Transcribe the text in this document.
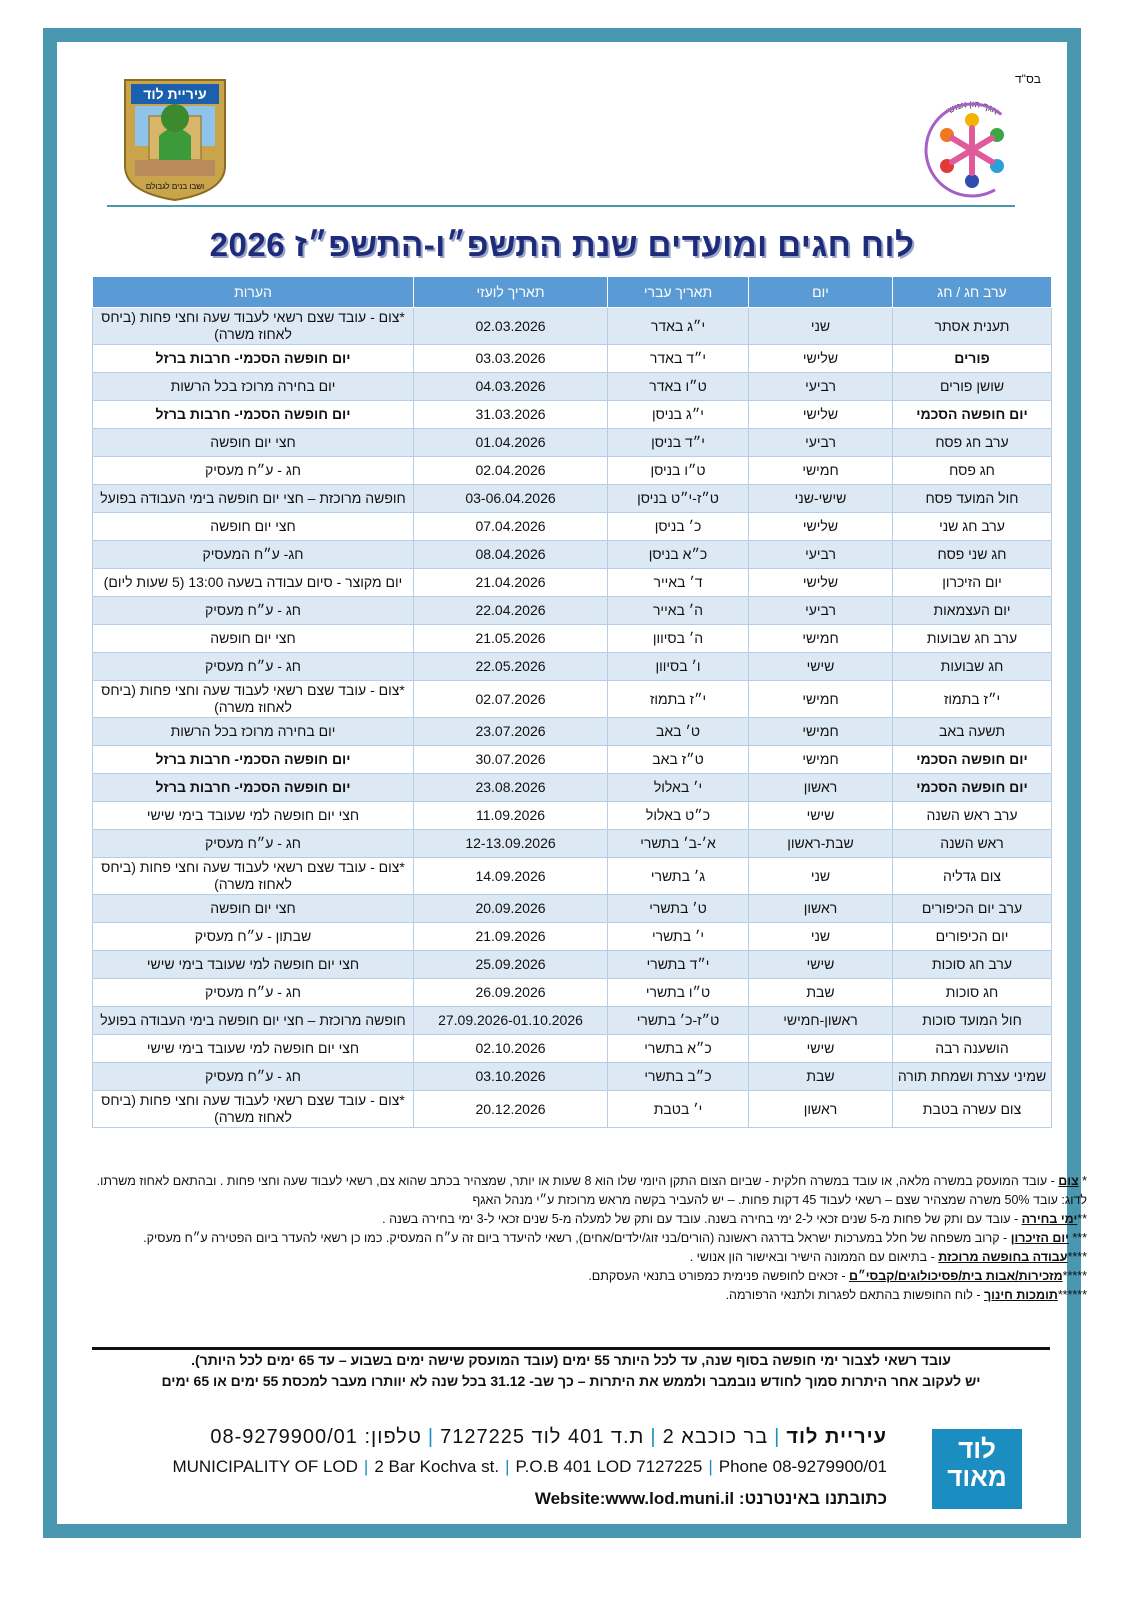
בס"ד
עיריית לוד
ושבו בנים לגבולם
אגף הון אנושי
לוח חגים ומועדים שנת התשפ״ו-התשפ״ז 2026
ערב חג / חג	יום	תאריך עברי	תאריך לועזי	הערות
תענית אסתר	שני	י״ג באדר	02.03.2026	*צום - עובד שצם רשאי לעבוד שעה וחצי פחות (ביחס לאחוז משרה)
פורים	שלישי	י״ד באדר	03.03.2026	יום חופשה הסכמי- חרבות ברזל
שושן פורים	רביעי	ט״ו באדר	04.03.2026	יום בחירה מרוכז בכל הרשות
יום חופשה הסכמי	שלישי	י״ג בניסן	31.03.2026	יום חופשה הסכמי- חרבות ברזל
ערב חג פסח	רביעי	י״ד בניסן	01.04.2026	חצי יום חופשה
חג פסח	חמישי	ט״ו בניסן	02.04.2026	חג - ע״ח מעסיק
חול המועד פסח	שישי-שני	ט״ז-י״ט בניסן	03-06.04.2026	חופשה מרוכזת – חצי יום חופשה בימי העבודה בפועל
ערב חג שני	שלישי	כ׳ בניסן	07.04.2026	חצי יום חופשה
חג שני פסח	רביעי	כ״א בניסן	08.04.2026	חג- ע״ח המעסיק
יום הזיכרון	שלישי	ד׳ באייר	21.04.2026	יום מקוצר - סיום עבודה בשעה 13:00 (5 שעות ליום)
יום העצמאות	רביעי	ה׳ באייר	22.04.2026	חג - ע״ח מעסיק
ערב חג שבועות	חמישי	ה׳ בסיוון	21.05.2026	חצי יום חופשה
חג שבועות	שישי	ו׳ בסיוון	22.05.2026	חג - ע״ח מעסיק
י״ז בתמוז	חמישי	י״ז בתמוז	02.07.2026	*צום - עובד שצם רשאי לעבוד שעה וחצי פחות (ביחס לאחוז משרה)
תשעה באב	חמישי	ט׳ באב	23.07.2026	יום בחירה מרוכז בכל הרשות
יום חופשה הסכמי	חמישי	ט״ז באב	30.07.2026	יום חופשה הסכמי- חרבות ברזל
יום חופשה הסכמי	ראשון	י׳ באלול	23.08.2026	יום חופשה הסכמי- חרבות ברזל
ערב ראש השנה	שישי	כ״ט באלול	11.09.2026	חצי יום חופשה למי שעובד בימי שישי
ראש השנה	שבת-ראשון	א׳-ב׳ בתשרי	12-13.09.2026	חג - ע״ח מעסיק
צום גדליה	שני	ג׳ בתשרי	14.09.2026	*צום - עובד שצם רשאי לעבוד שעה וחצי פחות (ביחס לאחוז משרה)
ערב יום הכיפורים	ראשון	ט׳ בתשרי	20.09.2026	חצי יום חופשה
יום הכיפורים	שני	י׳ בתשרי	21.09.2026	שבתון - ע״ח מעסיק
ערב חג סוכות	שישי	י״ד בתשרי	25.09.2026	חצי יום חופשה למי שעובד בימי שישי
חג סוכות	שבת	ט״ו בתשרי	26.09.2026	חג - ע״ח מעסיק
חול המועד סוכות	ראשון-חמישי	ט״ז-כ׳ בתשרי	27.09.2026-01.10.2026	חופשה מרוכזת – חצי יום חופשה בימי העבודה בפועל
הושענה רבה	שישי	כ״א בתשרי	02.10.2026	חצי יום חופשה למי שעובד בימי שישי
שמיני עצרת ושמחת תורה	שבת	כ״ב בתשרי	03.10.2026	חג - ע״ח מעסיק
צום עשרה בטבת	ראשון	י׳ בטבת	20.12.2026	*צום - עובד שצם רשאי לעבוד שעה וחצי פחות (ביחס לאחוז משרה)
* צום - עובד המועסק במשרה מלאה, או עובד במשרה חלקית - שביום הצום התקן היומי שלו הוא 8 שעות או יותר, שמצהיר בכתב שהוא צם, רשאי לעבוד שעה וחצי פחות . ובהתאם לאחוז משרתו. לדוג: עובד 50% משרה שמצהיר שצם – רשאי לעבוד 45 דקות פחות. – יש להעביר בקשה מראש מרוכזת ע״י מנהל האגף
**ימי בחירה - עובד עם ותק של פחות מ-5 שנים זכאי ל-2 ימי בחירה בשנה. עובד עם ותק של למעלה מ-5 שנים זכאי ל-3 ימי בחירה בשנה .
*** יום הזיכרון - קרוב משפחה של חלל במערכות ישראל בדרגה ראשונה (הורים/בני זוג/ילדים/אחים), רשאי להיעדר ביום זה ע״ח המעסיק. כמו כן רשאי להעדר ביום הפטירה ע״ח מעסיק.
****עבודה בחופשה מרוכזת - בתיאום עם הממונה הישיר ובאישור הון אנושי .
*****מזכירות/אבות בית/פסיכולוגים/קבסי״ם - זכאים לחופשה פנימית כמפורט בתנאי העסקתם.
******תומכות חינוך - לוח החופשות בהתאם לפגרות ולתנאי הרפורמה.
עובד רשאי לצבור ימי חופשה בסוף שנה, עד לכל היותר 55 ימים (עובד המועסק שישה ימים בשבוע – עד 65 ימים לכל היותר).
יש לעקוב אחר היתרות סמוך לחודש נובמבר ולממש את היתרות – כך שב- 31.12 בכל שנה לא יוותרו מעבר למכסת 55 ימים או 65 ימים
לוד מאוד
עיריית לוד|בר כוכבא 2|ת.ד 401 לוד 7127225|טלפון: 08-9279900/01
MUNICIPALITY OF LOD | 2 Bar Kochva st. | P.O.B 401 LOD 7127225 | Phone 08-9279900/01
כתובתנו באינטרנט: Website:www.lod.muni.il
